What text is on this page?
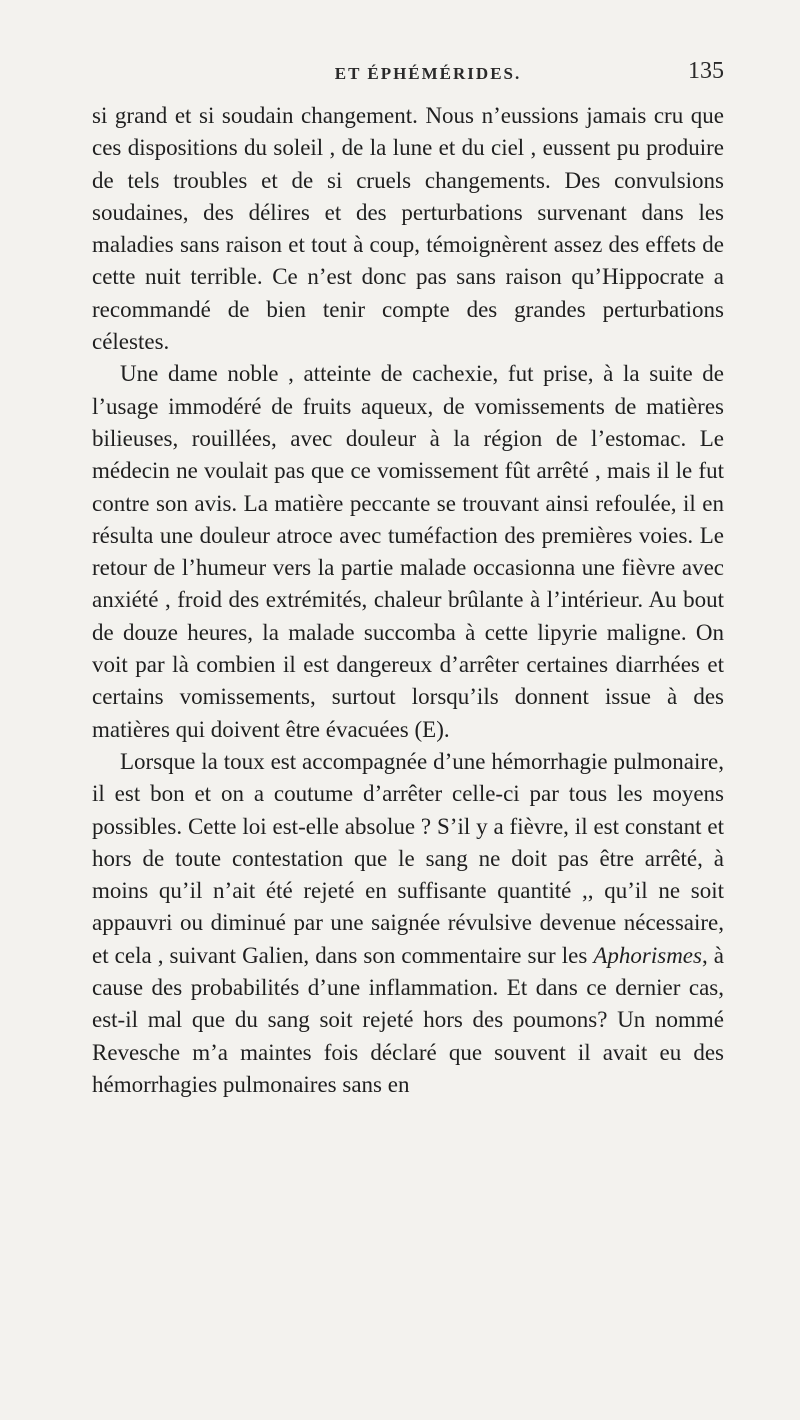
ET ÉPHÉMÉRIDES.	135

si grand et si soudain changement. Nous n’eussions jamais cru que ces dispositions du soleil , de la lune et du ciel , eussent pu produire de tels troubles et de si cruels changements. Des convulsions soudaines, des délires et des perturbations survenant dans les maladies sans raison et tout à coup, témoignèrent assez des effets de cette nuit terrible. Ce n’est donc pas sans raison qu’Hippocrate a recommandé de bien tenir compte des grandes perturbations célestes.

Une dame noble , atteinte de cachexie, fut prise, à la suite de l’usage immodéré de fruits aqueux, de vomissements de matières bilieuses, rouillées, avec douleur à la région de l’estomac. Le médecin ne voulait pas que ce vomissement fût arrêté , mais il le fut contre son avis. La matière peccante se trouvant ainsi refoulée, il en résulta une douleur atroce avec tuméfaction des premières voies. Le retour de l’humeur vers la partie malade occasionna une fièvre avec anxiété , froid des extrémités, chaleur brûlante à l’intérieur. Au bout de douze heures, la malade succomba à cette lipyrie maligne. On voit par là combien il est dangereux d’arrêter certaines diarrhées et certains vomissements, surtout lorsqu’ils donnent issue à des matières qui doivent être évacuées (E).

Lorsque la toux est accompagnée d’une hémorrhagie pulmonaire, il est bon et on a coutume d’arrêter celle-ci par tous les moyens possibles. Cette loi est-elle absolue ? S’il y a fièvre, il est constant et hors de toute contestation que le sang ne doit pas être arrêté, à moins qu’il n’ait été rejeté en suffisante quantité ,, qu’il ne soit appauvri ou diminué par une saignée révulsive devenue nécessaire, et cela , suivant Galien, dans son commentaire sur les Aphorismes, à cause des probabilités d’une inflammation. Et dans ce dernier cas, est-il mal que du sang soit rejeté hors des poumons? Un nommé Revesche m’a maintes fois déclaré que souvent il avait eu des hémorrhagies pulmonaires sans en
